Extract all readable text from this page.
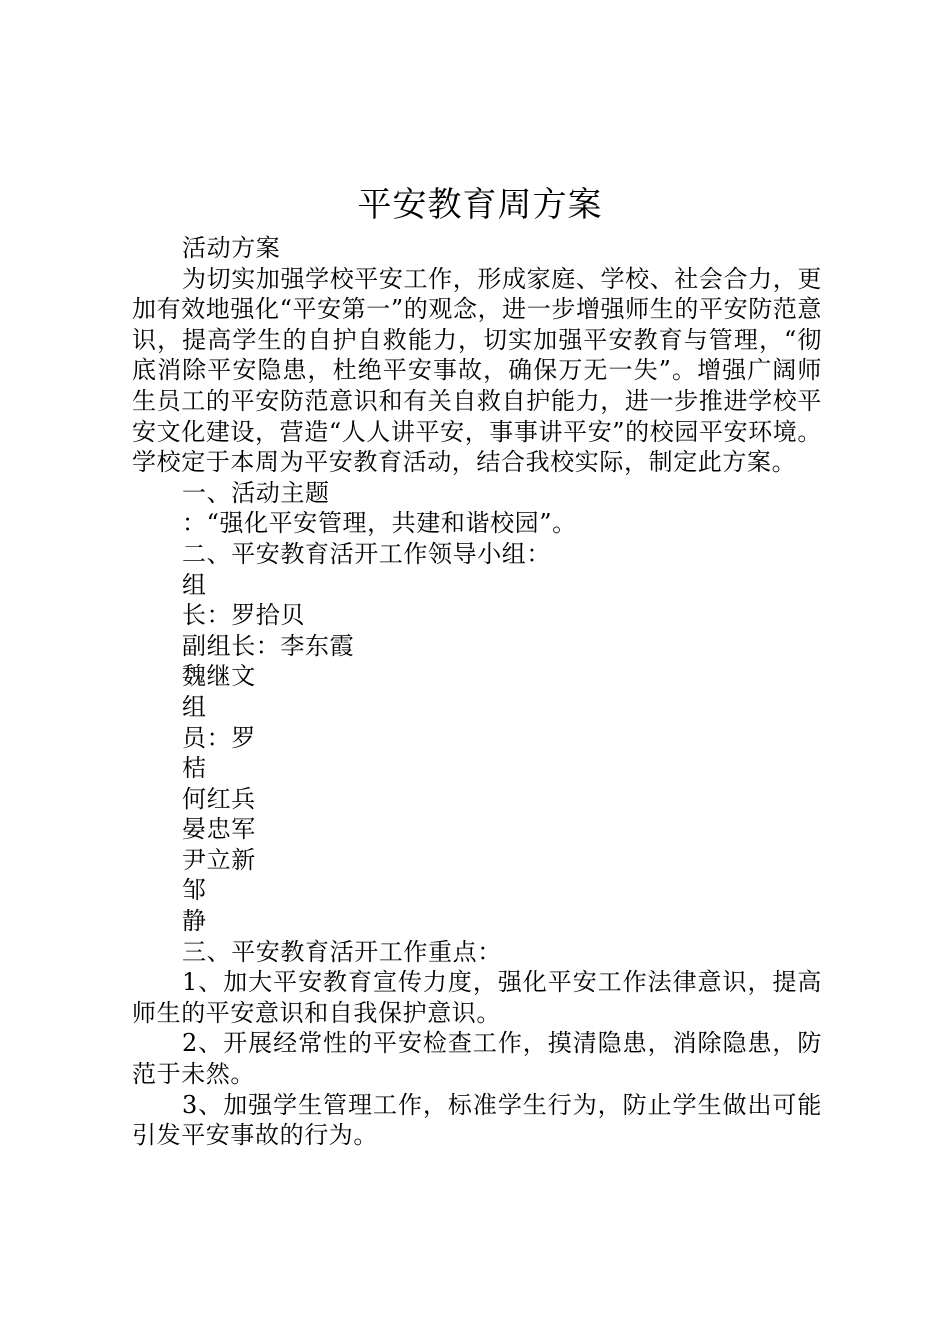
平安教育周方案

活动方案

为切实加强学校平安工作，形成家庭、学校、社会合力，更加有效地强化“平安第一”的观念，进一步增强师生的平安防范意识，提高学生的自护自救能力，切实加强平安教育与管理，“彻底消除平安隐患，杜绝平安事故，确保万无一失”。增强广阔师生员工的平安防范意识和有关自救自护能力，进一步推进学校平安文化建设，营造“人人讲平安，事事讲平安”的校园平安环境。学校定于本周为平安教育活动，结合我校实际，制定此方案。

一、活动主题

：“强化平安管理，共建和谐校园”。

二、平安教育活开工作领导小组：

组

长：罗拾贝

副组长：李东霞

魏继文

组

员：罗

桔

何红兵

晏忠军

尹立新

邹

静

三、平安教育活开工作重点：

1、加大平安教育宣传力度，强化平安工作法律意识，提高师生的平安意识和自我保护意识。

2、开展经常性的平安检查工作，摸清隐患，消除隐患，防范于未然。

3、加强学生管理工作，标准学生行为，防止学生做出可能引发平安事故的行为。
